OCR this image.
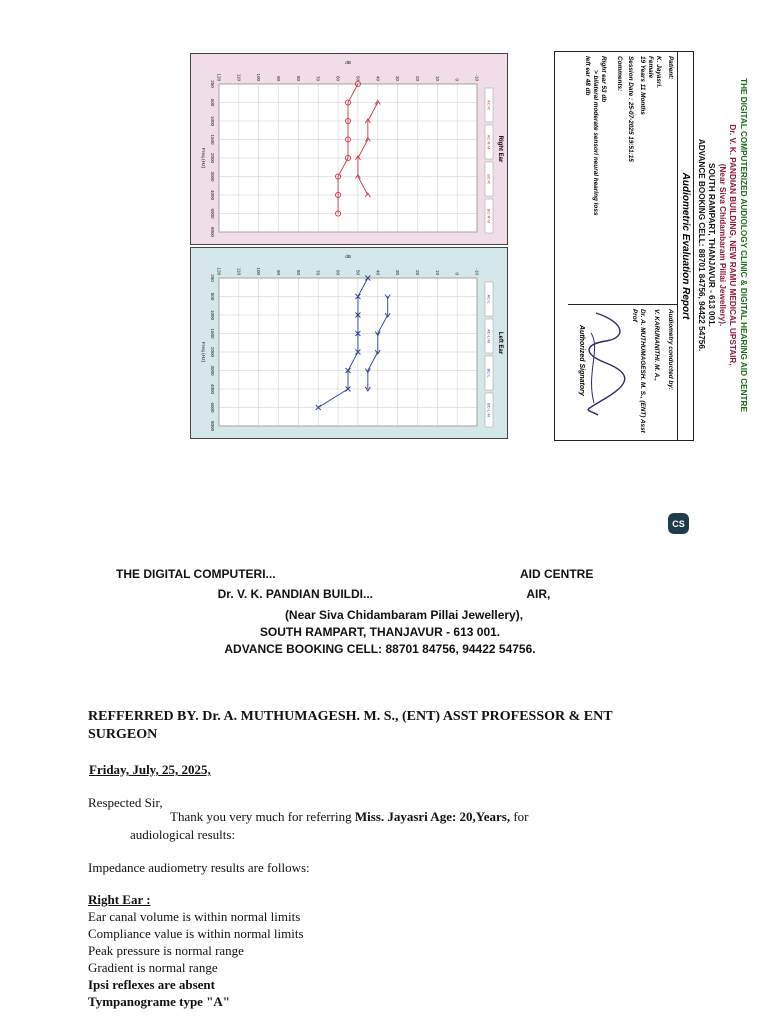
THE DIGITAL COMPUTERIZED AUDIOLOGY CLINIC & DIGITAL HEARING AID CENTRE
Dr. V. K. PANDIAN BUILDING, NEW RAMU MEDICAL UPSTAIR,
(Near Siva Chidambaram Pillai Jewellery).
SOUTH RAMPART, THANJAVUR - 613 001.
ADVANCE BOOKING CELL: 88701 84756, 94422 54756.
Audiometric Evaluation Report
Patient:
K. Jayasri.
Female
19 Years 11 Months
Session Date : 25-07-2025 19:51:15
Comments:
Right ear 53 db
> bilateral moderate sensori neural hearing loss
left ear 48 db
Audiometry conducted by:
V. KARUNANITHI. M. A.,
Dr. A. MUTHUMAGESH. M. S., (ENT) Asst Prof
Authorized Signatory
Right Ear
250
500
1000
1500
2000
3000
4000
6000
8000
-10
0
10
20
30
40
50
60
70
80
90
100
110
120
Freq (Hz)
dB
AC-R
AC-R-M
BC-R
BC-R-M
Left Ear
250
500
1000
1500
2000
3000
4000
6000
8000
-10
0
10
20
30
40
50
60
70
80
90
100
110
120
Freq (Hz)
dB
AC-L
AC-L-M
BC-L
BC-L-M
CS
THE DIGITAL COMPUTERI...	AID CENTRE
Dr. V. K. PANDIAN BUILDI...	AIR,
(Near Siva Chidambaram Pillai Jewellery),
SOUTH RAMPART, THANJAVUR - 613 001.
ADVANCE BOOKING CELL: 88701 84756, 94422 54756.
REFFERRED BY. Dr. A. MUTHUMAGESH. M. S., (ENT) ASST PROFESSOR & ENT SURGEON
Friday, July, 25, 2025,
Respected Sir,
Thank you very much for referring Miss. Jayasri Age: 20,Years, for
audiological results:
Impedance audiometry results are follows:
Right Ear :
Ear canal volume is within normal limits
Compliance value is within normal limits
Peak pressure is normal range
Gradient is normal range
Ipsi reflexes are absent
Tympanograme type "A"
